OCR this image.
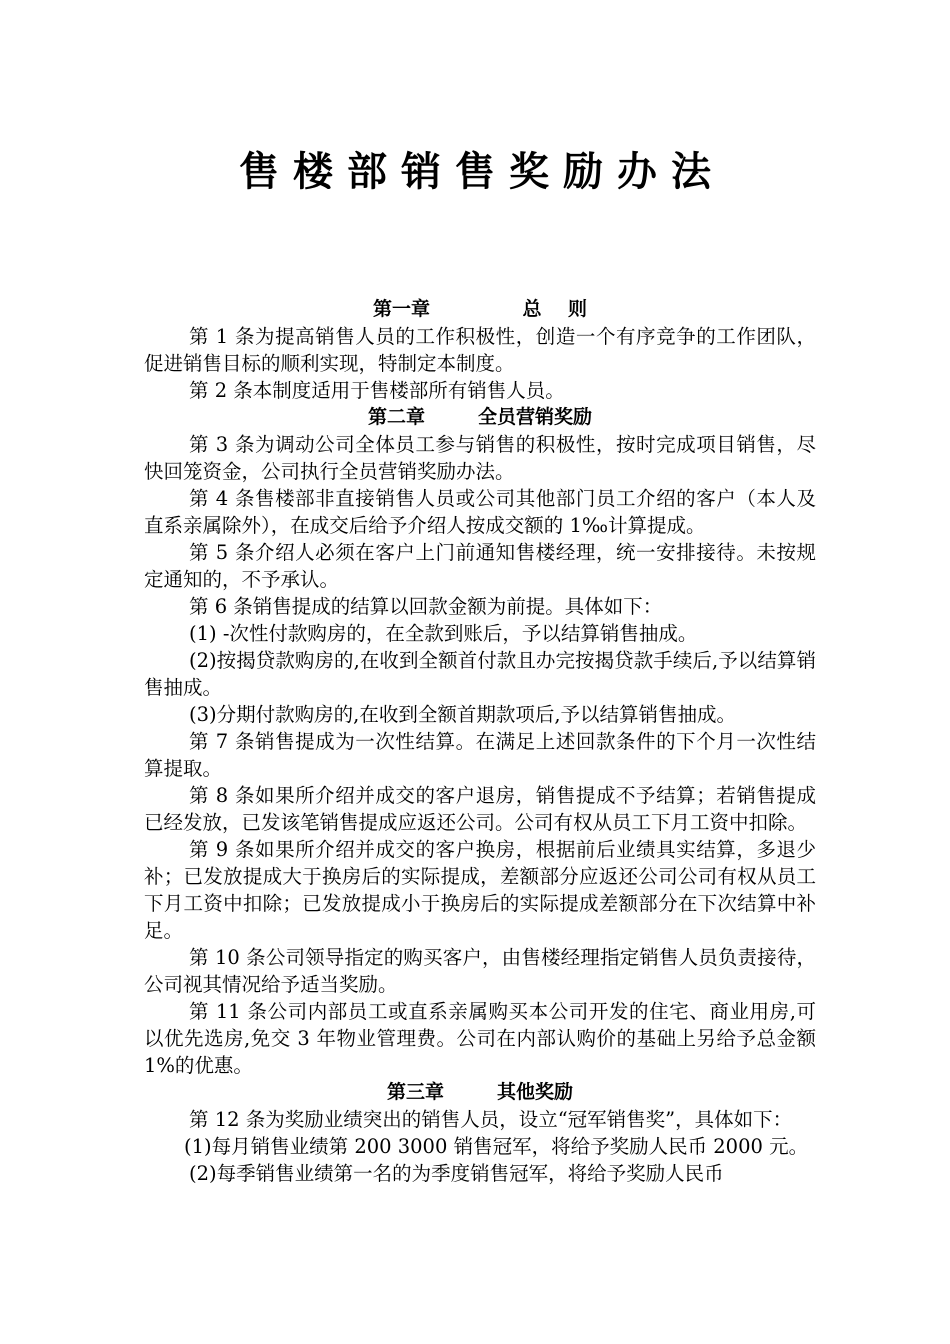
售楼部销售奖励办法
第一章              总    则

第 1 条为提高销售人员的工作积极性，创造一个有序竞争的工作团队，促进销售目标的顺利实现，特制定本制度。

第 2 条本制度适用于售楼部所有销售人员。

第二章        全员营销奖励

第 3 条为调动公司全体员工参与销售的积极性，按时完成项目销售，尽快回笼资金，公司执行全员营销奖励办法。

第 4 条售楼部非直接销售人员或公司其他部门员工介绍的客户（本人及直系亲属除外），在成交后给予介绍人按成交额的 1‰计算提成。

第 5 条介绍人必须在客户上门前通知售楼经理，统一安排接待。未按规定通知的，不予承认。

第 6 条销售提成的结算以回款金额为前提。具体如下：

(1) -次性付款购房的，在全款到账后，予以结算销售抽成。

(2)按揭贷款购房的,在收到全额首付款且办完按揭贷款手续后,予以结算销售抽成。

(3)分期付款购房的,在收到全额首期款项后,予以结算销售抽成。

第 7 条销售提成为一次性结算。在满足上述回款条件的下个月一次性结算提取。

第 8 条如果所介绍并成交的客户退房，销售提成不予结算；若销售提成已经发放，已发该笔销售提成应返还公司。公司有权从员工下月工资中扣除。

第 9 条如果所介绍并成交的客户换房，根据前后业绩具实结算，多退少补；已发放提成大于换房后的实际提成，差额部分应返还公司公司有权从员工下月工资中扣除；已发放提成小于换房后的实际提成差额部分在下次结算中补足。

第 10 条公司领导指定的购买客户，由售楼经理指定销售人员负责接待，公司视其情况给予适当奖励。

第 11 条公司内部员工或直系亲属购买本公司开发的住宅、商业用房,可以优先选房,免交 3 年物业管理费。公司在内部认购价的基础上另给予总金额 1%的优惠。

第三章        其他奖励

第 12 条为奖励业绩突出的销售人员，设立“冠军销售奖”，具体如下：

(1)每月销售业绩第 200 3000 销售冠军，将给予奖励人民币 2000 元。

(2)每季销售业绩第一名的为季度销售冠军，将给予奖励人民币
